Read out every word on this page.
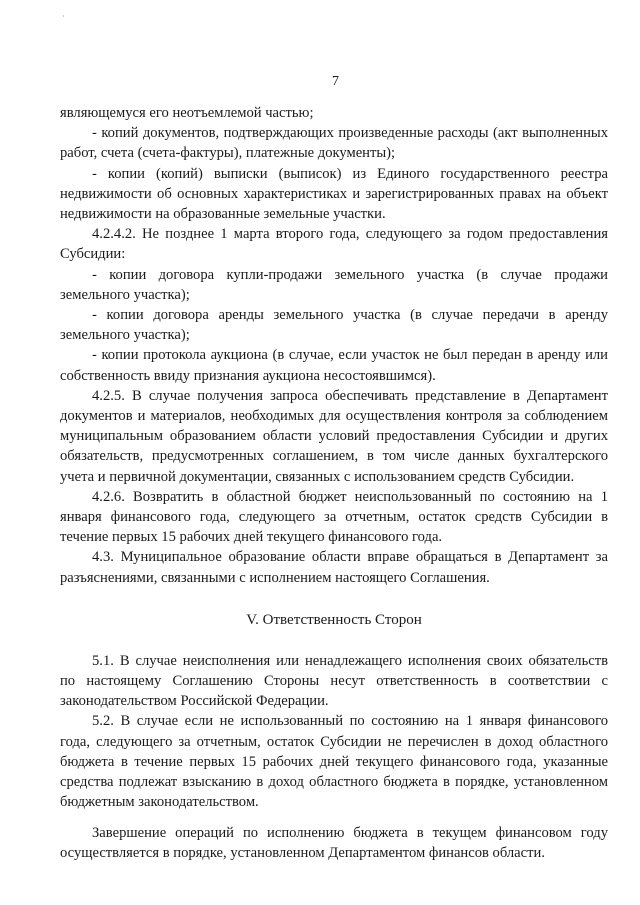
·
7

являющемуся его неотъемлемой частью;

- копий документов, подтверждающих произведенные расходы (акт выполненных работ, счета (счета-фактуры), платежные документы);

- копии (копий) выписки (выписок) из Единого государственного реестра недвижимости об основных характеристиках и зарегистрированных правах на объект недвижимости на образованные земельные участки.

4.2.4.2. Не позднее 1 марта второго года, следующего за годом предоставления Субсидии:

- копии договора купли-продажи земельного участка (в случае продажи земельного участка);

- копии договора аренды земельного участка (в случае передачи в аренду земельного участка);

- копии протокола аукциона (в случае, если участок не был передан в аренду или собственность ввиду признания аукциона несостоявшимся).

4.2.5. В случае получения запроса обеспечивать представление в Департамент документов и материалов, необходимых для осуществления контроля за соблюдением муниципальным образованием области условий предоставления Субсидии и других обязательств, предусмотренных соглашением, в том числе данных бухгалтерского учета и первичной документации, связанных с использованием средств Субсидии.

4.2.6. Возвратить в областной бюджет неиспользованный по состоянию на 1 января финансового года, следующего за отчетным, остаток средств Субсидии в течение первых 15 рабочих дней текущего финансового года.

4.3. Муниципальное образование области вправе обращаться в Департамент за разъяснениями, связанными с исполнением настоящего Соглашения.

V. Ответственность Сторон

5.1. В случае неисполнения или ненадлежащего исполнения своих обязательств по настоящему Соглашению Стороны несут ответственность в соответствии с законодательством Российской Федерации.

5.2. В случае если не использованный по состоянию на 1 января финансового года, следующего за отчетным, остаток Субсидии не перечислен в доход областного бюджета в течение первых 15 рабочих дней текущего финансового года, указанные средства подлежат взысканию в доход областного бюджета в порядке, установленном бюджетным законодательством.

Завершение операций по исполнению бюджета в текущем финансовом году осуществляется в порядке, установленном Департаментом финансов области.
